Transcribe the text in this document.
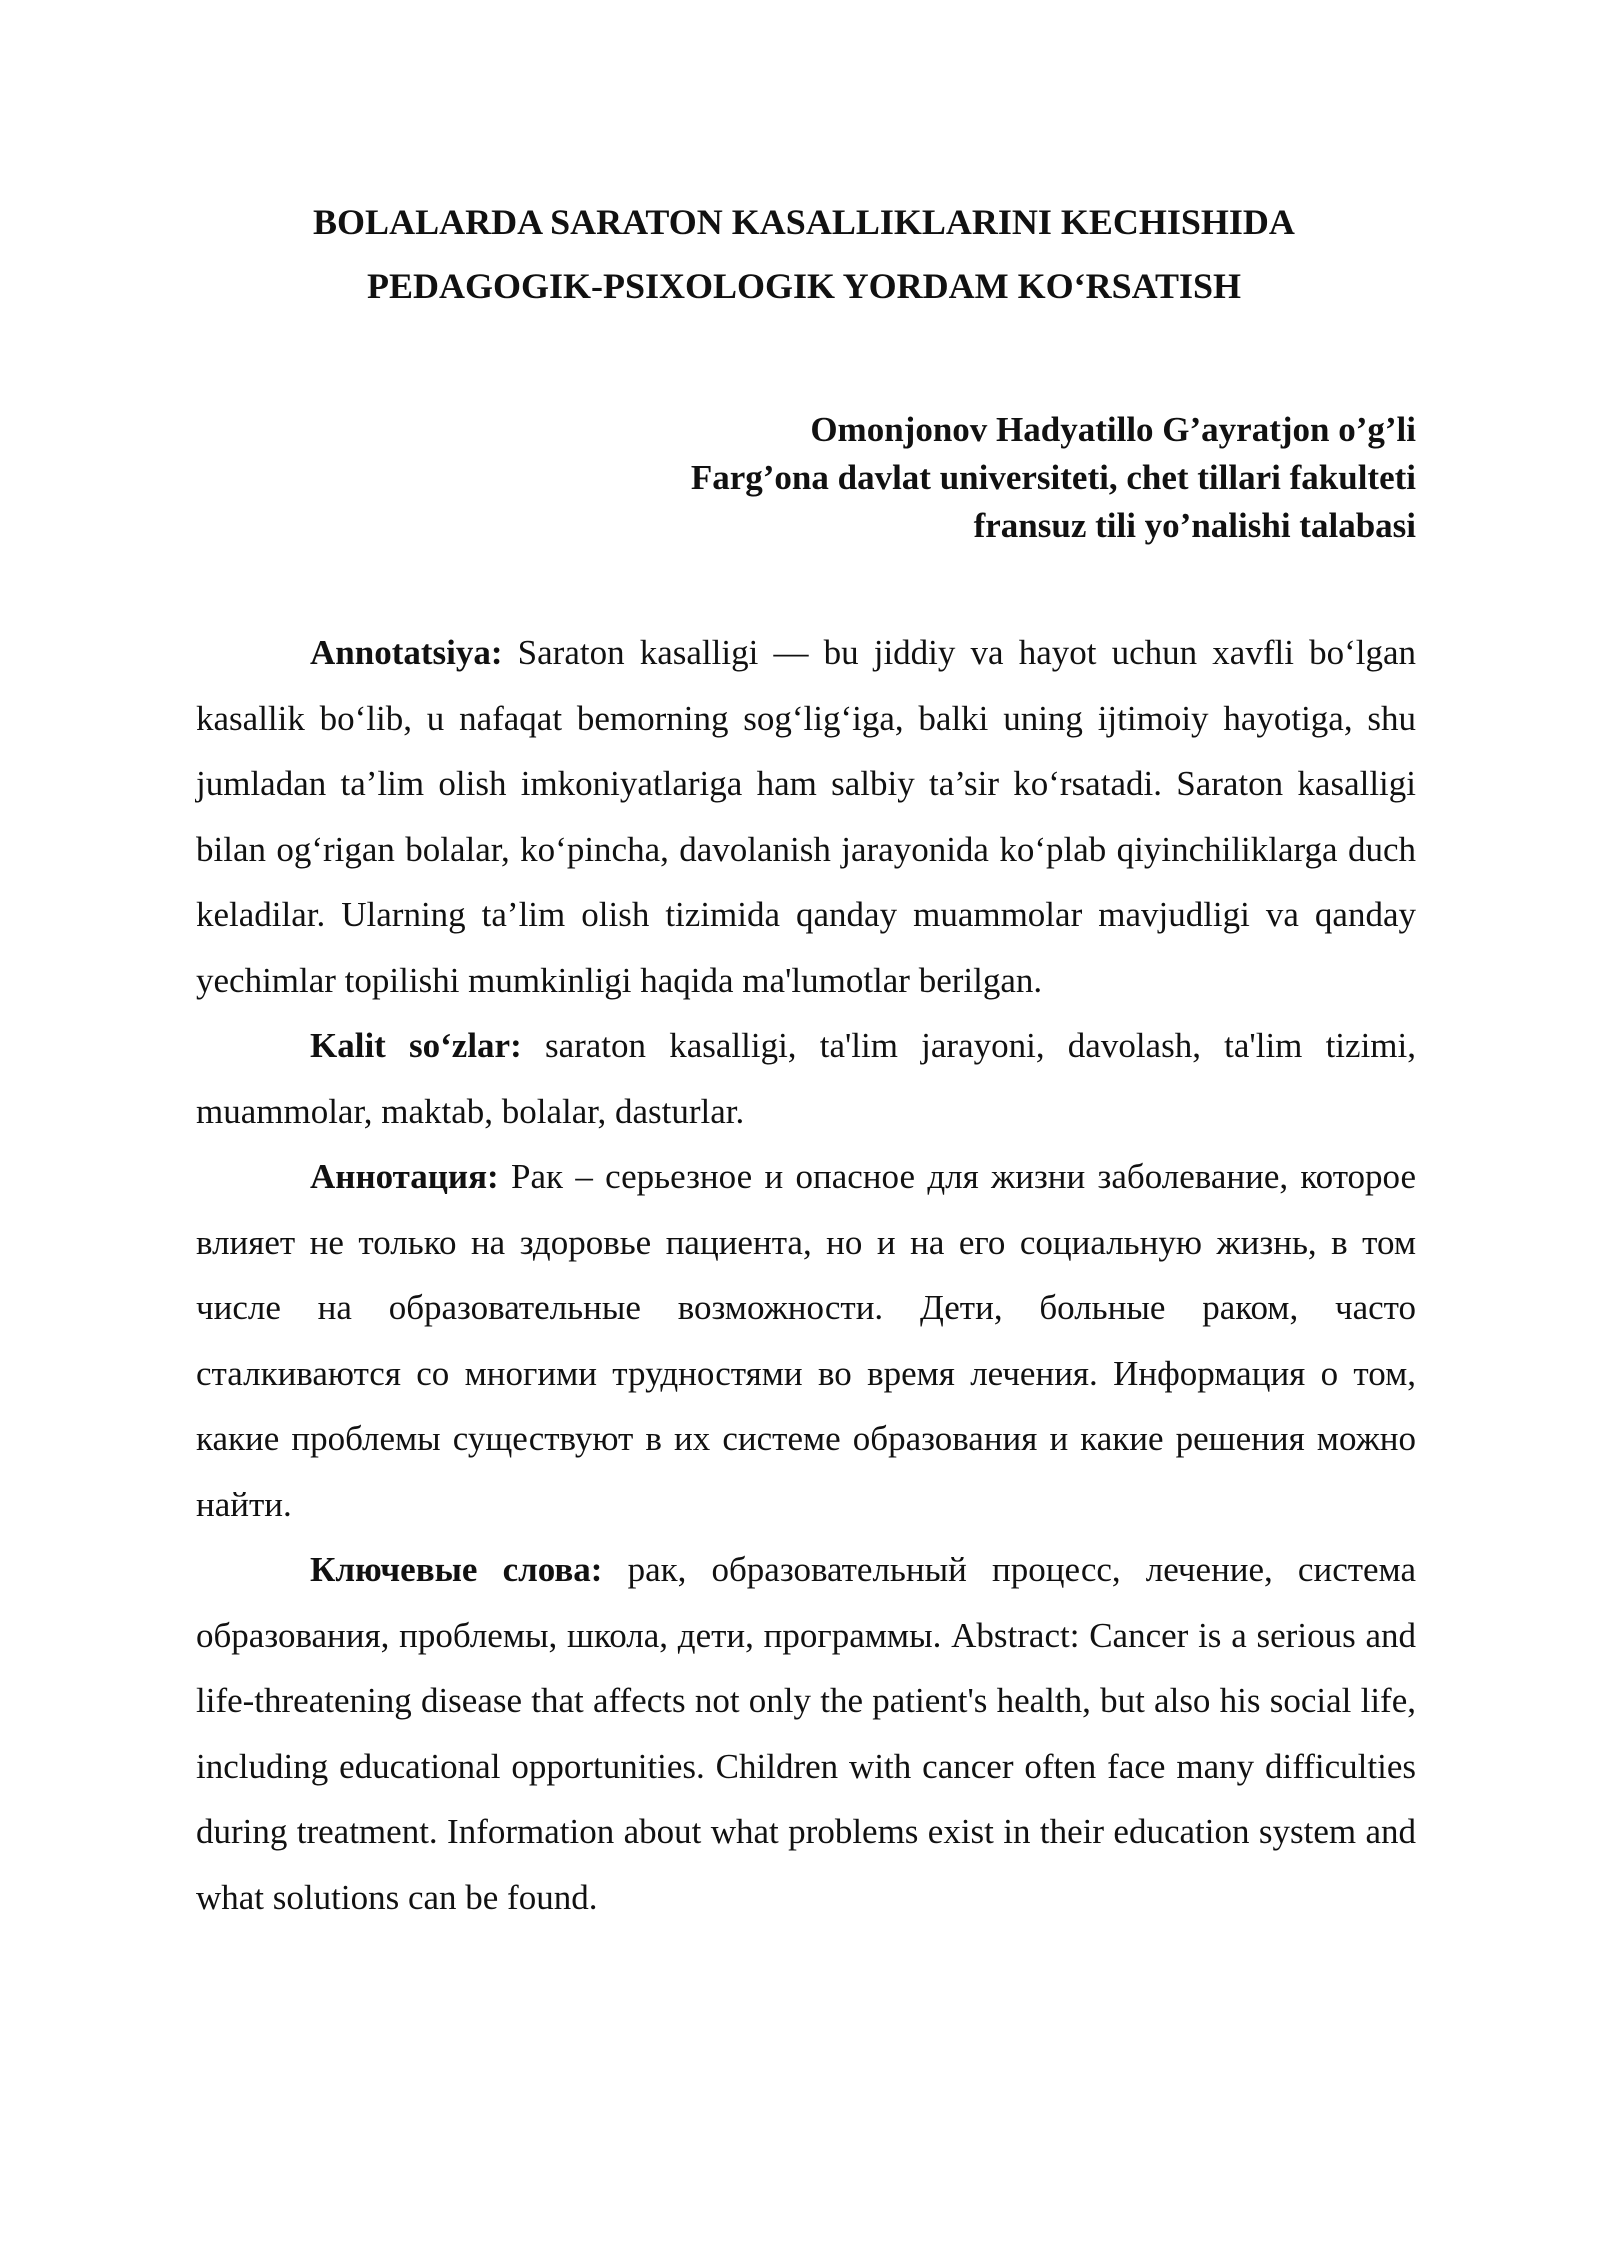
BOLALARDA SARATON KASALLIKLARINI KECHISHIDA
PEDAGOGIK-PSIXOLOGIK YORDAM KO‘RSATISH
Omonjonov Hadyatillo G’ayratjon o’g’li
Farg’ona davlat universiteti, chet tillari fakulteti
fransuz tili yo’nalishi talabasi

Annotatsiya: Saraton kasalligi — bu jiddiy va hayot uchun xavfli bo‘lgan kasallik bo‘lib, u nafaqat bemorning sog‘lig‘iga, balki uning ijtimoiy hayotiga, shu jumladan ta’lim olish imkoniyatlariga ham salbiy ta’sir ko‘rsatadi. Saraton kasalligi bilan og‘rigan bolalar, ko‘pincha, davolanish jarayonida ko‘plab qiyinchiliklarga duch keladilar. Ularning ta’lim olish tizimida qanday muammolar mavjudligi va qanday yechimlar topilishi mumkinligi haqida ma'lumotlar berilgan.

Kalit so‘zlar: saraton kasalligi, ta'lim jarayoni, davolash, ta'lim tizimi, muammolar, maktab, bolalar, dasturlar.

Аннотация: Рак – серьезное и опасное для жизни заболевание, которое влияет не только на здоровье пациента, но и на его социальную жизнь, в том числе на образовательные возможности. Дети, больные раком, часто сталкиваются со многими трудностями во время лечения. Информация о том, какие проблемы существуют в их системе образования и какие решения можно найти.

Ключевые слова: рак, образовательный процесс, лечение, система образования, проблемы, школа, дети, программы. Abstract: Cancer is a serious and life-threatening disease that affects not only the patient's health, but also his social life, including educational opportunities. Children with cancer often face many difficulties during treatment. Information about what problems exist in their education system and what solutions can be found.
